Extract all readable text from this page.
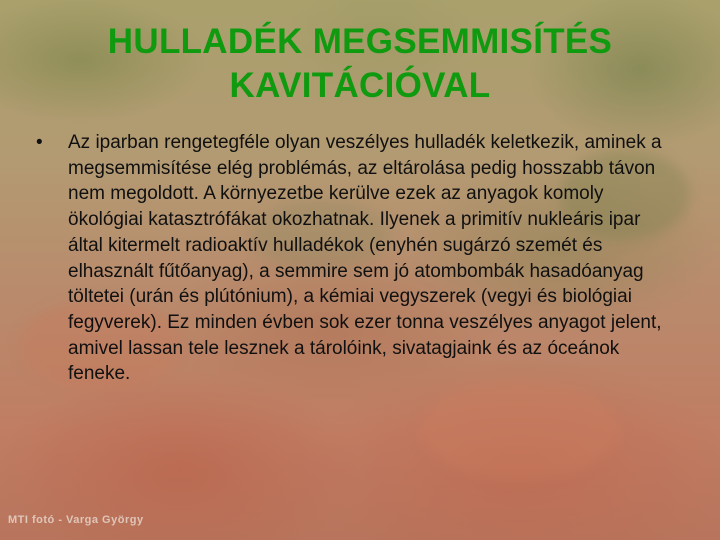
HULLADÉK MEGSEMMISÍTÉS
KAVITÁCIÓVAL
• Az iparban rengetegféle olyan veszélyes hulladék keletkezik, aminek a megsemmisítése elég problémás, az eltárolása pedig hosszabb távon nem megoldott. A környezetbe kerülve ezek az anyagok komoly ökológiai katasztrófákat okozhatnak. Ilyenek a primitív nukleáris ipar által kitermelt radioaktív hulladékok (enyhén sugárzó szemét és elhasznált fűtőanyag), a semmire sem jó atombombák hasadóanyag töltetei (urán és plútónium), a kémiai vegyszerek (vegyi és biológiai fegyverek). Ez minden évben sok ezer tonna veszélyes anyagot jelent, amivel lassan tele lesznek a tárolóink, sivatagjaink és az óceánok feneke.
MTI fotó - Varga György
